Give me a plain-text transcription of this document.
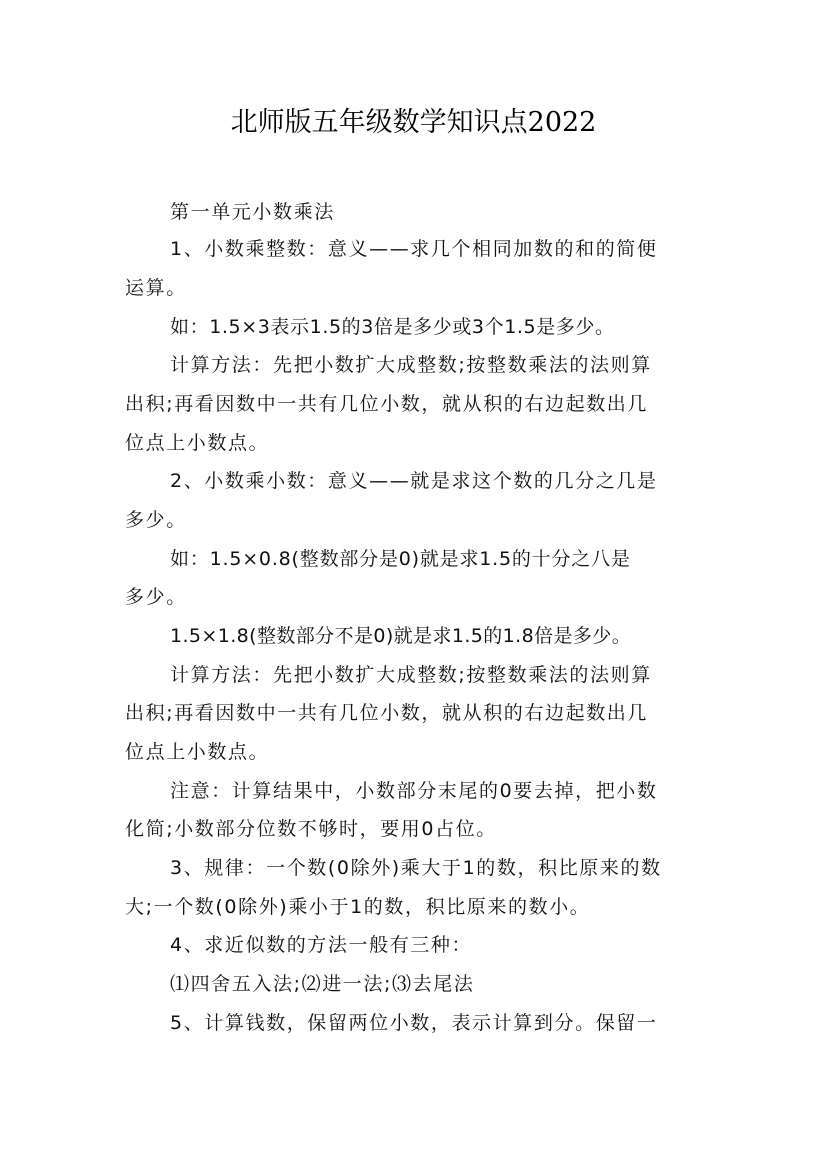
北师版五年级数学知识点2022

第一单元小数乘法

1、小数乘整数：意义——求几个相同加数的和的简便

运算。

如：1.5×3表示1.5的3倍是多少或3个1.5是多少。

计算方法：先把小数扩大成整数;按整数乘法的法则算

出积;再看因数中一共有几位小数，就从积的右边起数出几

位点上小数点。

2、小数乘小数：意义——就是求这个数的几分之几是

多少。

如：1.5×0.8(整数部分是0)就是求1.5的十分之八是

多少。

1.5×1.8(整数部分不是0)就是求1.5的1.8倍是多少。

计算方法：先把小数扩大成整数;按整数乘法的法则算

出积;再看因数中一共有几位小数，就从积的右边起数出几

位点上小数点。

注意：计算结果中，小数部分末尾的0要去掉，把小数

化简;小数部分位数不够时，要用0占位。

3、规律：一个数(0除外)乘大于1的数，积比原来的数

大;一个数(0除外)乘小于1的数，积比原来的数小。

4、求近似数的方法一般有三种：

⑴四舍五入法;⑵进一法;⑶去尾法

5、计算钱数，保留两位小数，表示计算到分。保留一
